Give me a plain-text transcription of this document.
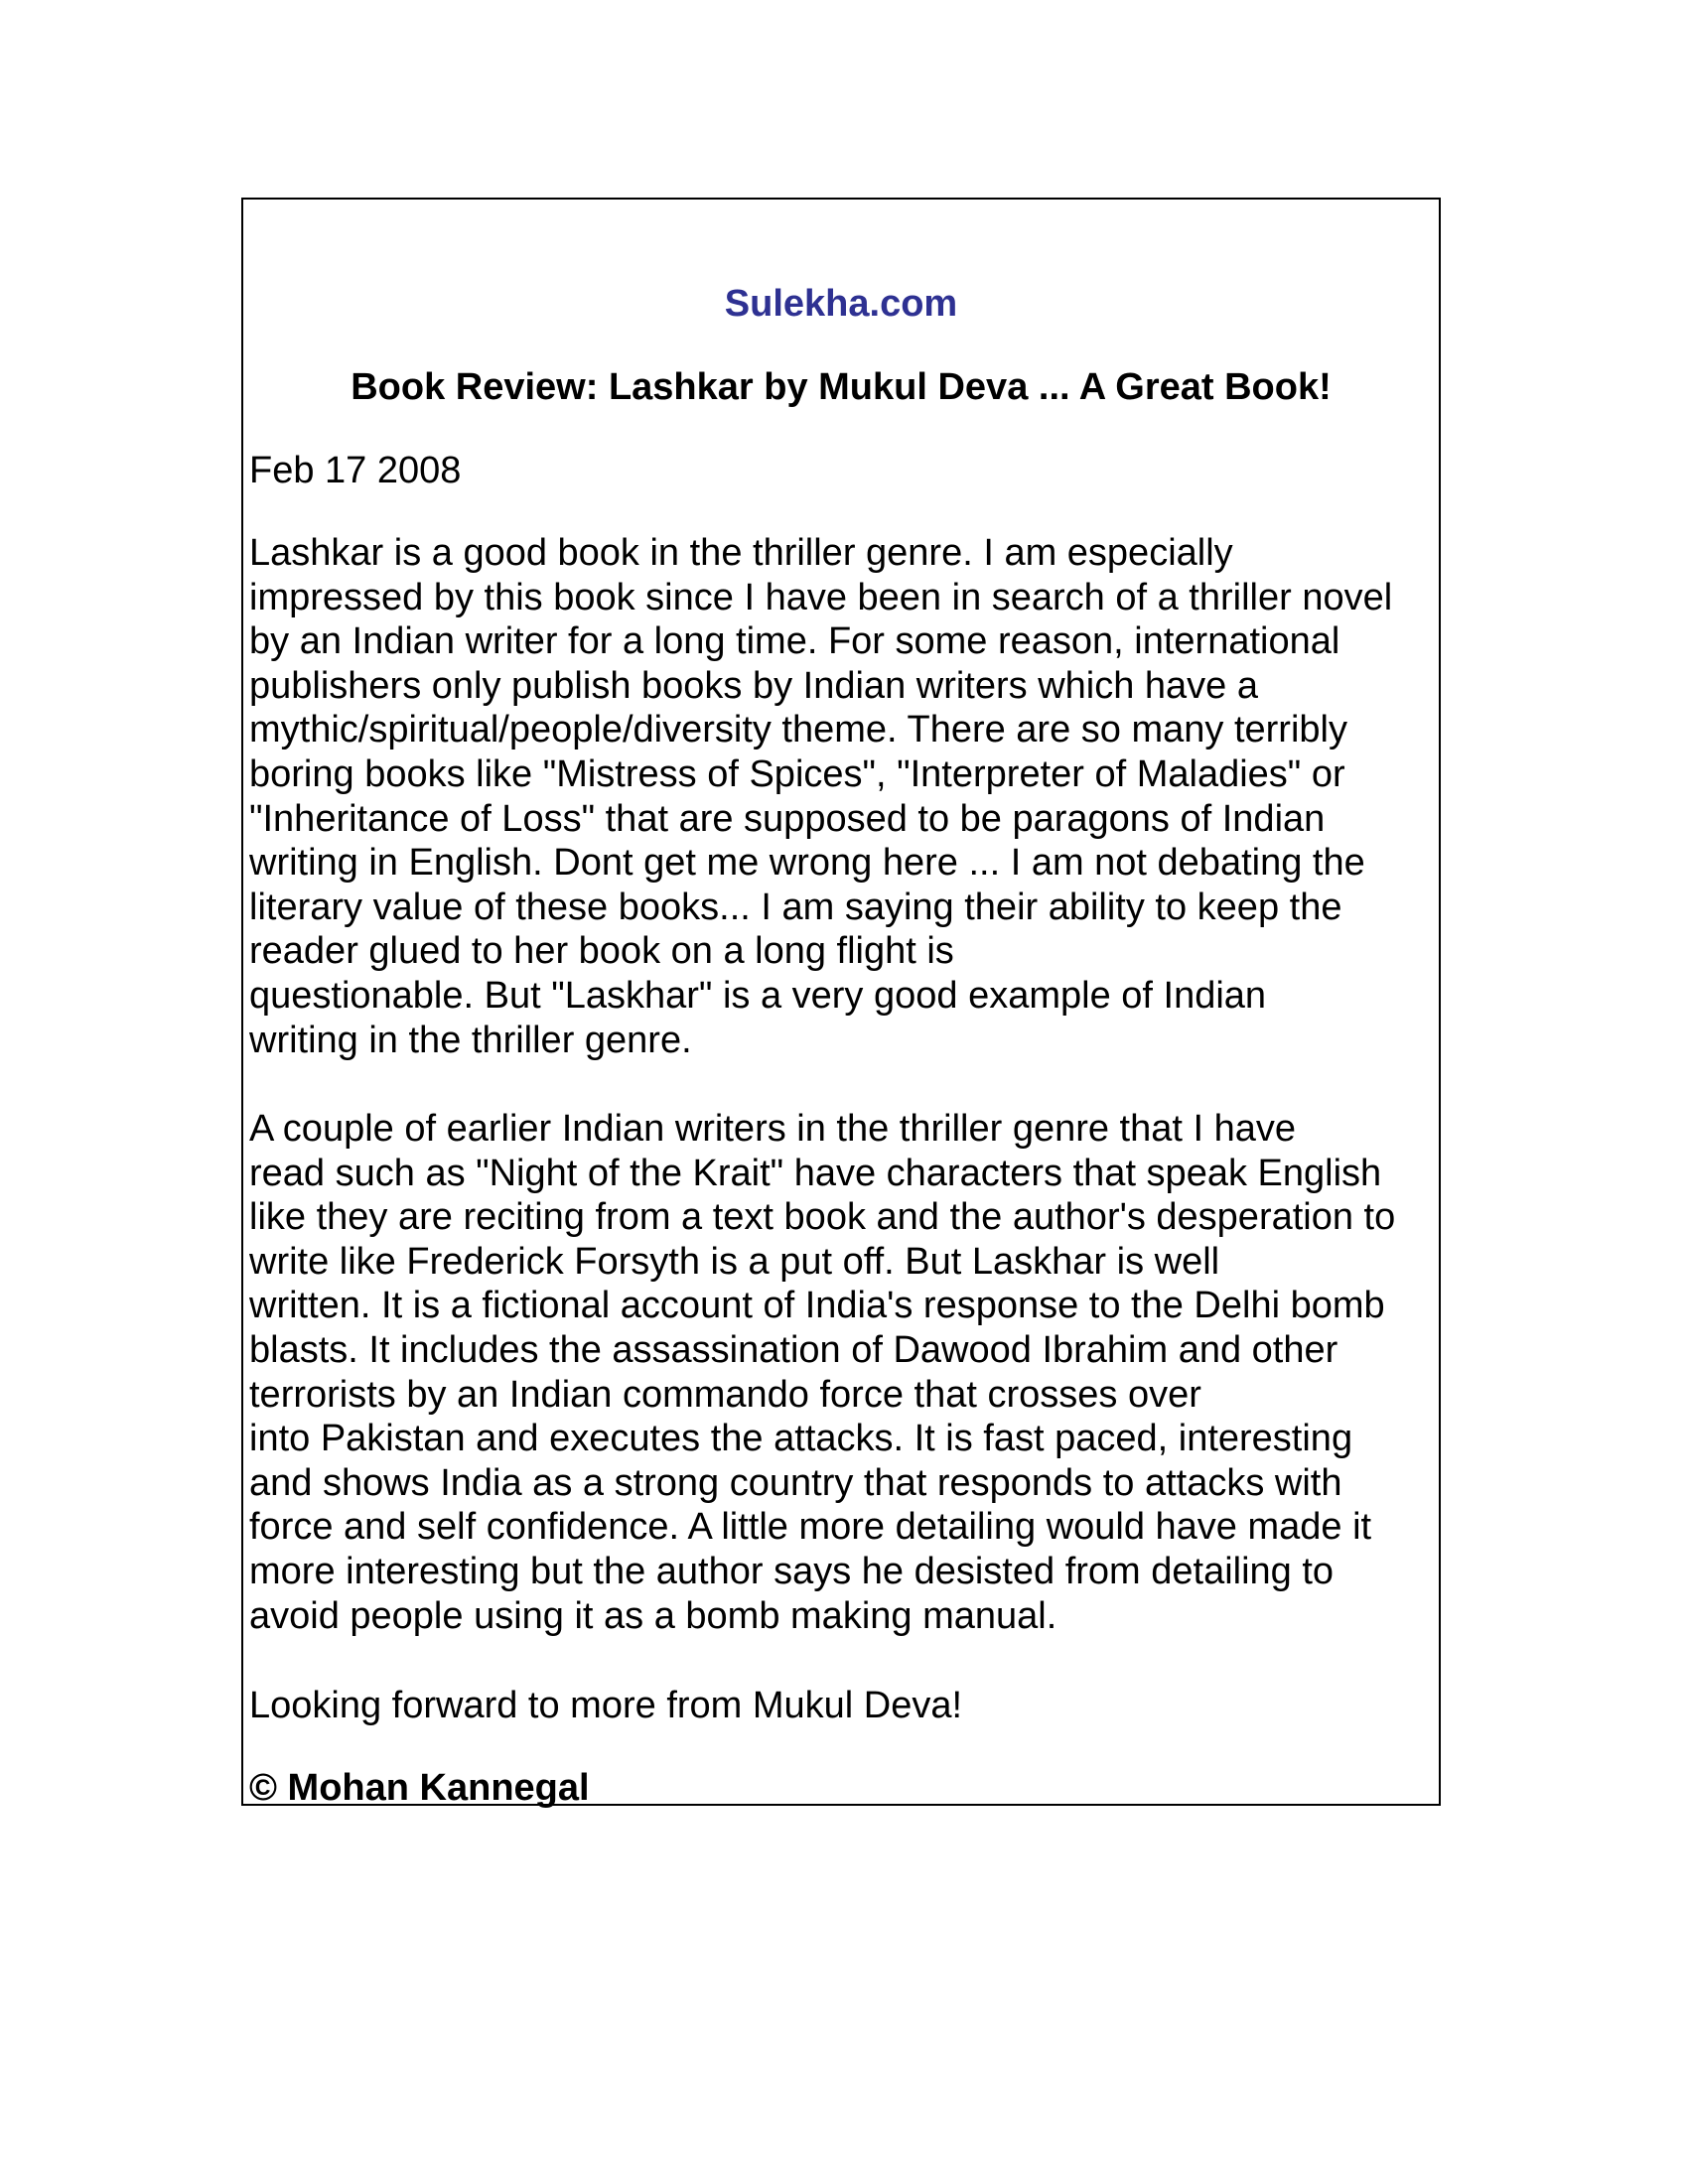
Sulekha.com

Book Review: Lashkar by Mukul Deva ... A Great Book!

Feb 17 2008

Lashkar is a good book in the thriller genre. I am especially
impressed by this book since I have been in search of a thriller novel
by an Indian writer for a long time. For some reason, international
publishers only publish books by Indian writers which have a
mythic/spiritual/people/diversity theme. There are so many terribly
boring books like "Mistress of Spices", "Interpreter of Maladies" or
"Inheritance of Loss" that are supposed to be paragons of Indian
writing in English. Dont get me wrong here ... I am not debating the
literary value of these books... I am saying their ability to keep the
reader glued to her book on a long flight is
questionable. But "Laskhar" is a very good example of Indian
writing in the thriller genre.
A couple of earlier Indian writers in the thriller genre that I have
read such as "Night of the Krait" have characters that speak English
like they are reciting from a text book and the author's desperation to
write like Frederick Forsyth is a put off. But Laskhar is well
written. It is a fictional account of India's response to the Delhi bomb
blasts. It includes the assassination of Dawood Ibrahim and other
terrorists by an Indian commando force that crosses over
into Pakistan and executes the attacks. It is fast paced, interesting
and shows India as a strong country that responds to attacks with
force and self confidence. A little more detailing would have made it
more interesting but the author says he desisted from detailing to
avoid people using it as a bomb making manual.

Looking forward to more from Mukul Deva!

© Mohan Kannegal
